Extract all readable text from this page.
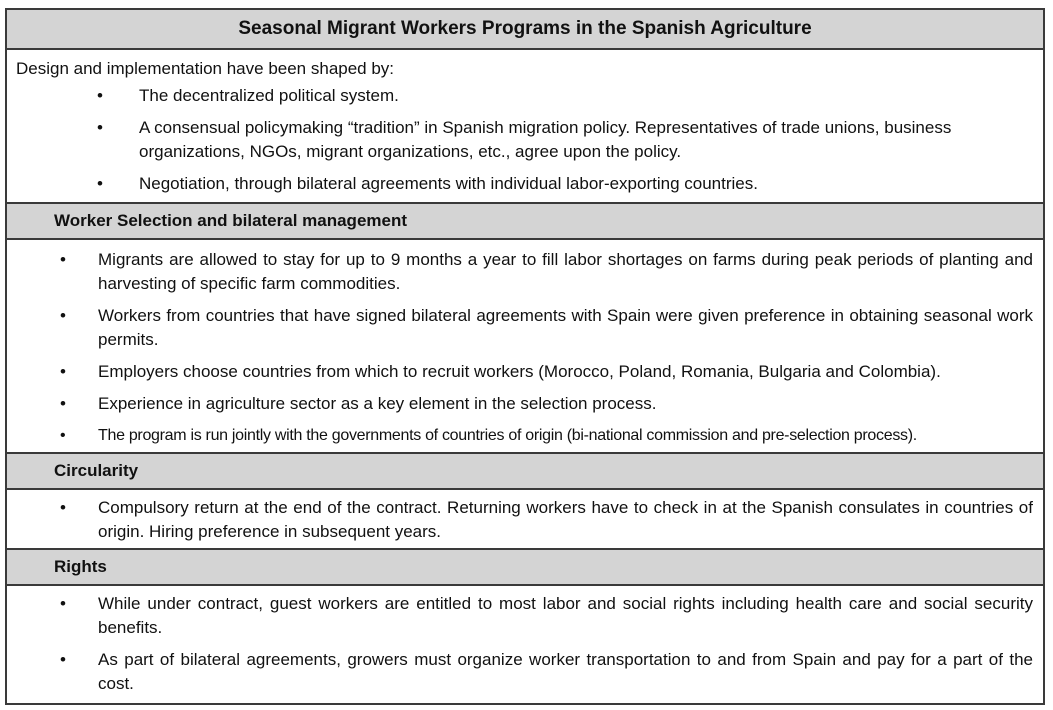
Seasonal Migrant Workers Programs in the Spanish Agriculture
Design and implementation have been shaped by:
• The decentralized political system.
• A consensual policymaking “tradition” in Spanish migration policy. Representatives of trade unions, business organizations, NGOs, migrant organizations, etc., agree upon the policy.
• Negotiation, through bilateral agreements with individual labor-exporting countries.
Worker Selection and bilateral management
• Migrants are allowed to stay for up to 9 months a year to fill labor shortages on farms during peak periods of planting and harvesting of specific farm commodities.
• Workers from countries that have signed bilateral agreements with Spain were given preference in obtaining seasonal work permits.
• Employers choose countries from which to recruit workers (Morocco, Poland, Romania, Bulgaria and Colombia).
• Experience in agriculture sector as a key element in the selection process.
• The program is run jointly with the governments of countries of origin (bi-national commission and pre-selection process).
Circularity
• Compulsory return at the end of the contract. Returning workers have to check in at the Spanish consulates in countries of origin. Hiring preference in subsequent years.
Rights
• While under contract, guest workers are entitled to most labor and social rights including health care and social security benefits.
• As part of bilateral agreements, growers must organize worker transportation to and from Spain and pay for a part of the cost.
